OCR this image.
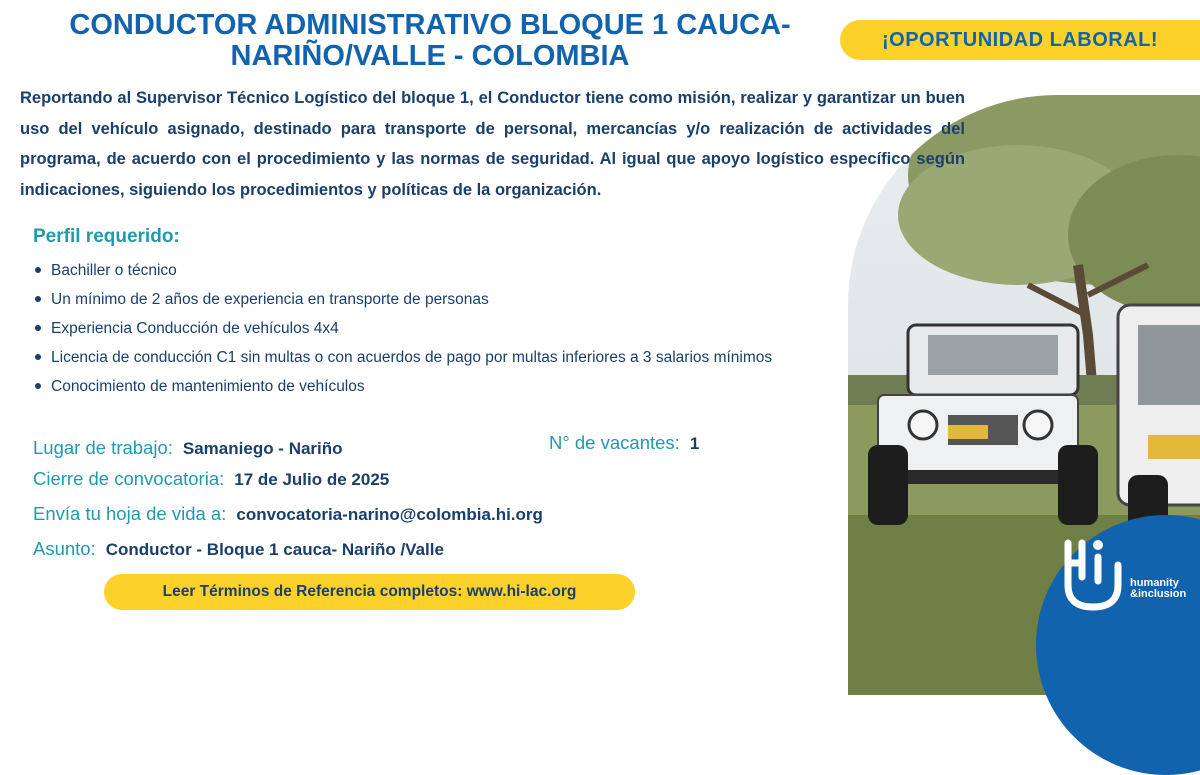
CONDUCTOR ADMINISTRATIVO BLOQUE 1 CAUCA-
NARIÑO/VALLE - COLOMBIA
¡OPORTUNIDAD LABORAL!
Reportando al Supervisor Técnico Logístico del bloque 1, el Conductor tiene como misión, realizar y garantizar un buen uso del vehículo asignado, destinado para transporte de personal, mercancías y/o realización de actividades del programa, de acuerdo con el procedimiento y las normas de seguridad. Al igual que apoyo logístico específico según indicaciones, siguiendo los procedimientos y políticas de la organización.
Perfil requerido:
Bachiller o técnico
Un mínimo de 2 años de experiencia en transporte de personas
Experiencia Conducción de vehículos 4x4
Licencia de conducción C1 sin multas o con acuerdos de pago por multas inferiores a 3 salarios mínimos
Conocimiento de mantenimiento de vehículos
Lugar de trabajo: Samaniego - Nariño	N° de vacantes: 1
Cierre de convocatoria: 17 de Julio de 2025
Envía tu hoja de vida a: convocatoria-narino@colombia.hi.org
Asunto: Conductor - Bloque 1 cauca- Nariño /Valle
Leer Términos de Referencia completos: www.hi-lac.org	humanity
&inclusion
